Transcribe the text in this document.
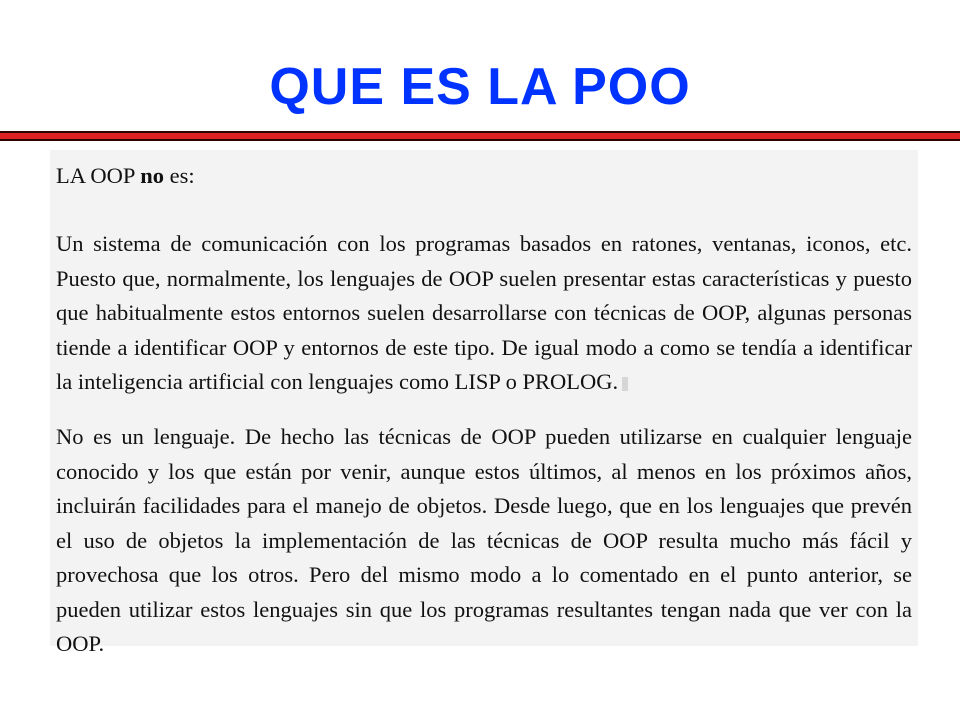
QUE ES LA POO

LA OOP no es:

Un sistema de comunicación con los programas basados en ratones, ventanas, iconos, etc. Puesto que, normalmente, los lenguajes de OOP suelen presentar estas características y puesto que habitualmente estos entornos suelen desarrollarse con técnicas de OOP, algunas personas tiende a identificar OOP y entornos de este tipo. De igual modo a como se tendía a identificar la inteligencia artificial con lenguajes como LISP o PROLOG.

No es un lenguaje. De hecho las técnicas de OOP pueden utilizarse en cualquier lenguaje conocido y los que están por venir, aunque estos últimos, al menos en los próximos años, incluirán facilidades para el manejo de objetos. Desde luego, que en los lenguajes que prevén el uso de objetos la implementación de las técnicas de OOP resulta mucho más fácil y provechosa que los otros. Pero del mismo modo a lo comentado en el punto anterior, se pueden utilizar estos lenguajes sin que los programas resultantes tengan nada que ver con la OOP.
